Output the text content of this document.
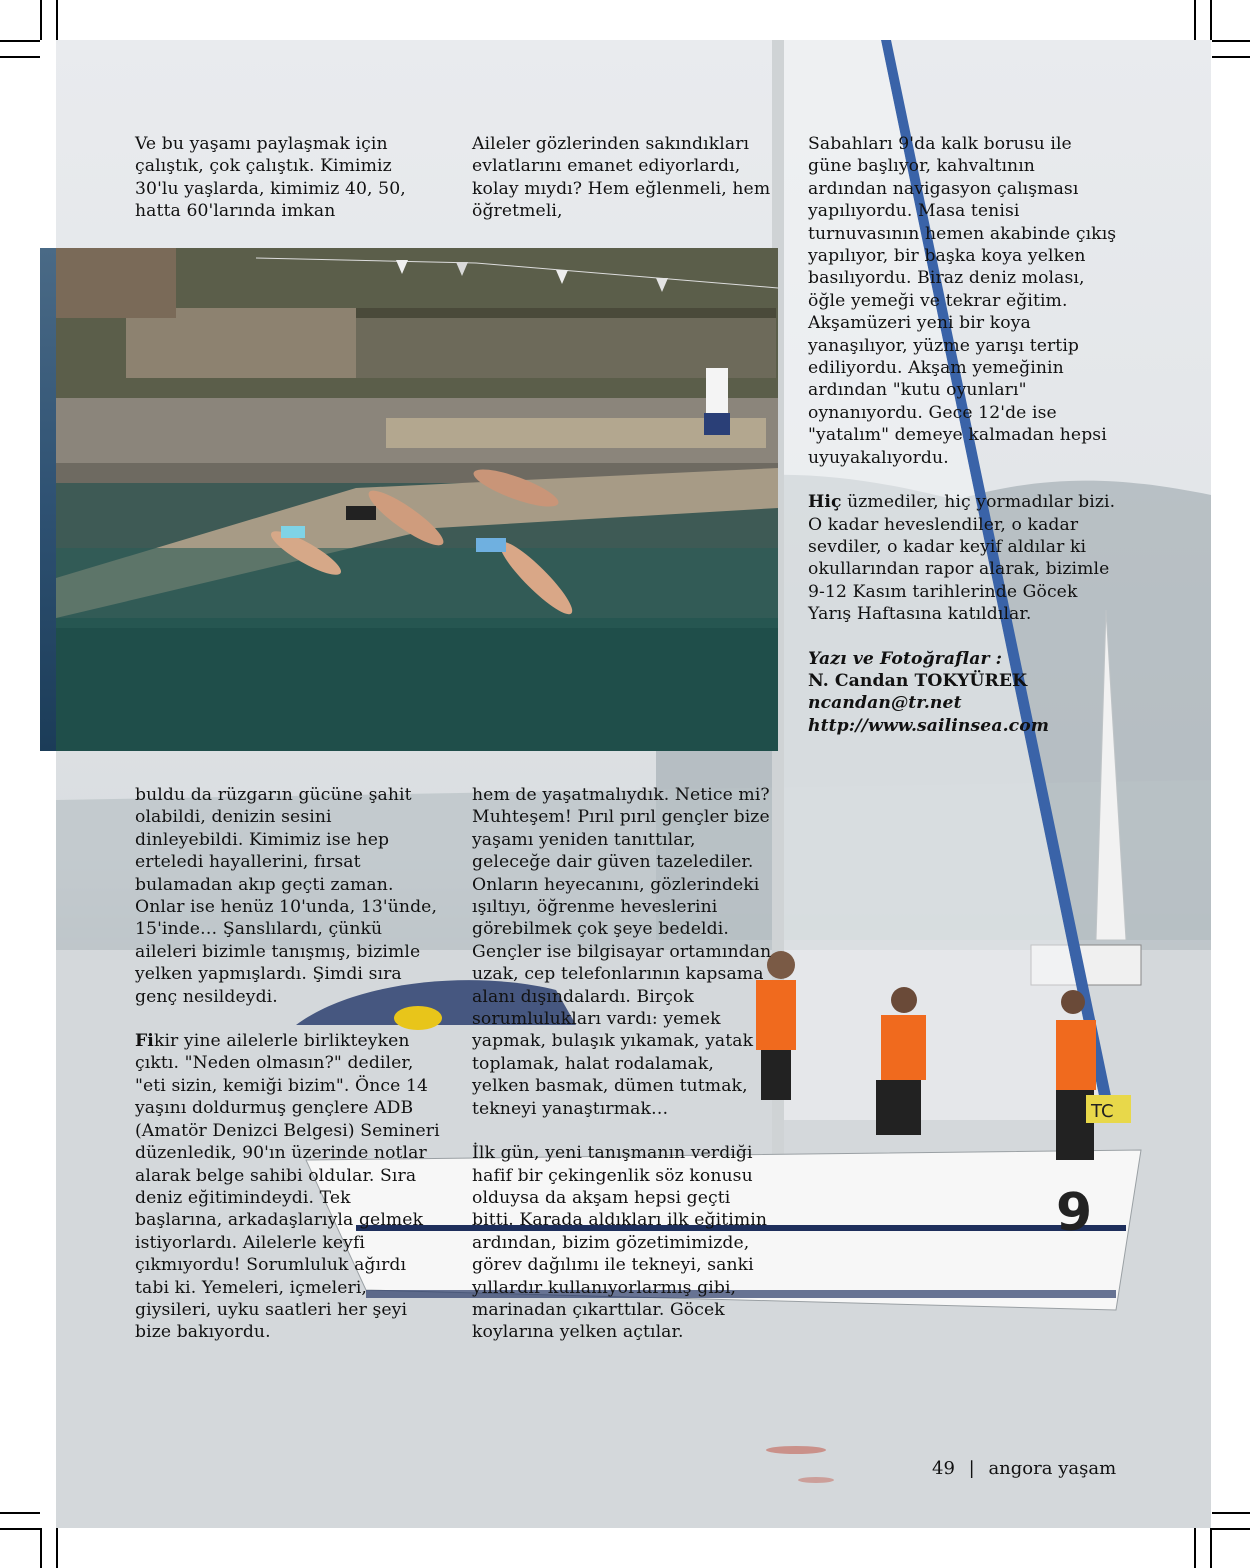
9
TC

Ve bu yaşamı paylaşmak için çalıştık, çok çalıştık. Kimimiz 30'lu yaşlarda, kimimiz 40, 50, hatta 60'larında imkan

Aileler gözlerinden sakındıkları evlatlarını emanet ediyorlardı, kolay mıydı? Hem eğlenmeli, hem öğretmeli,

Sabahları 9'da kalk borusu ile güne başlıyor, kahvaltının ardından navigasyon çalışması yapılıyordu. Masa tenisi turnuvasının hemen akabinde çıkış yapılıyor, bir başka koya yelken basılıyordu. Biraz deniz molası, öğle yemeği ve tekrar eğitim. Akşamüzeri yeni bir koya yanaşılıyor, yüzme yarışı tertip ediliyordu. Akşam yemeğinin ardından "kutu oyunları" oynanıyordu. Gece 12'de ise "yatalım" demeye kalmadan hepsi uyuyakalıyordu.

Hiç üzmediler, hiç yormadılar bizi. O kadar heveslendiler, o kadar sevdiler, o kadar keyif aldılar ki okullarından rapor alarak, bizimle 9-12 Kasım tarihlerinde Göcek Yarış Haftasına katıldılar.

Yazı ve Fotoğraflar :
N. Candan TOKYÜREK
ncandan@tr.net
http://www.sailinsea.com

buldu da rüzgarın gücüne şahit olabildi, denizin sesini dinleyebildi. Kimimiz ise hep erteledi hayallerini, fırsat bulamadan akıp geçti zaman. Onlar ise henüz 10'unda, 13'ünde, 15'inde… Şanslılardı, çünkü aileleri bizimle tanışmış, bizimle yelken yapmışlardı. Şimdi sıra genç nesildeydi.

Fikir yine ailelerle birlikteyken çıktı. "Neden olmasın?" dediler, "eti sizin, kemiği bizim". Önce 14 yaşını doldurmuş gençlere ADB (Amatör Denizci Belgesi) Semineri düzenledik, 90'ın üzerinde notlar alarak belge sahibi oldular. Sıra deniz eğitimindeydi. Tek başlarına, arkadaşlarıyla gelmek istiyorlardı. Ailelerle keyfi çıkmıyordu! Sorumluluk ağırdı tabi ki. Yemeleri, içmeleri, giysileri, uyku saatleri her şeyi bize bakıyordu.

hem de yaşatmalıydık. Netice mi? Muhteşem! Pırıl pırıl gençler bize yaşamı yeniden tanıttılar, geleceğe dair güven tazelediler. Onların heyecanını, gözlerindeki ışıltıyı, öğrenme heveslerini görebilmek çok şeye bedeldi. Gençler ise bilgisayar ortamından uzak, cep telefonlarının kapsama alanı dışındalardı. Birçok sorumlulukları vardı: yemek yapmak, bulaşık yıkamak, yatak toplamak, halat rodalamak, yelken basmak, dümen tutmak, tekneyi yanaştırmak…

İlk gün, yeni tanışmanın verdiği hafif bir çekingenlik söz konusu olduysa da akşam hepsi geçti bitti. Karada aldıkları ilk eğitimin ardından, bizim gözetimimizde, görev dağılımı ile tekneyi, sanki yıllardır kullanıyorlarmış gibi, marinadan çıkarttılar. Göcek koylarına yelken açtılar.

49 | angora yaşam
